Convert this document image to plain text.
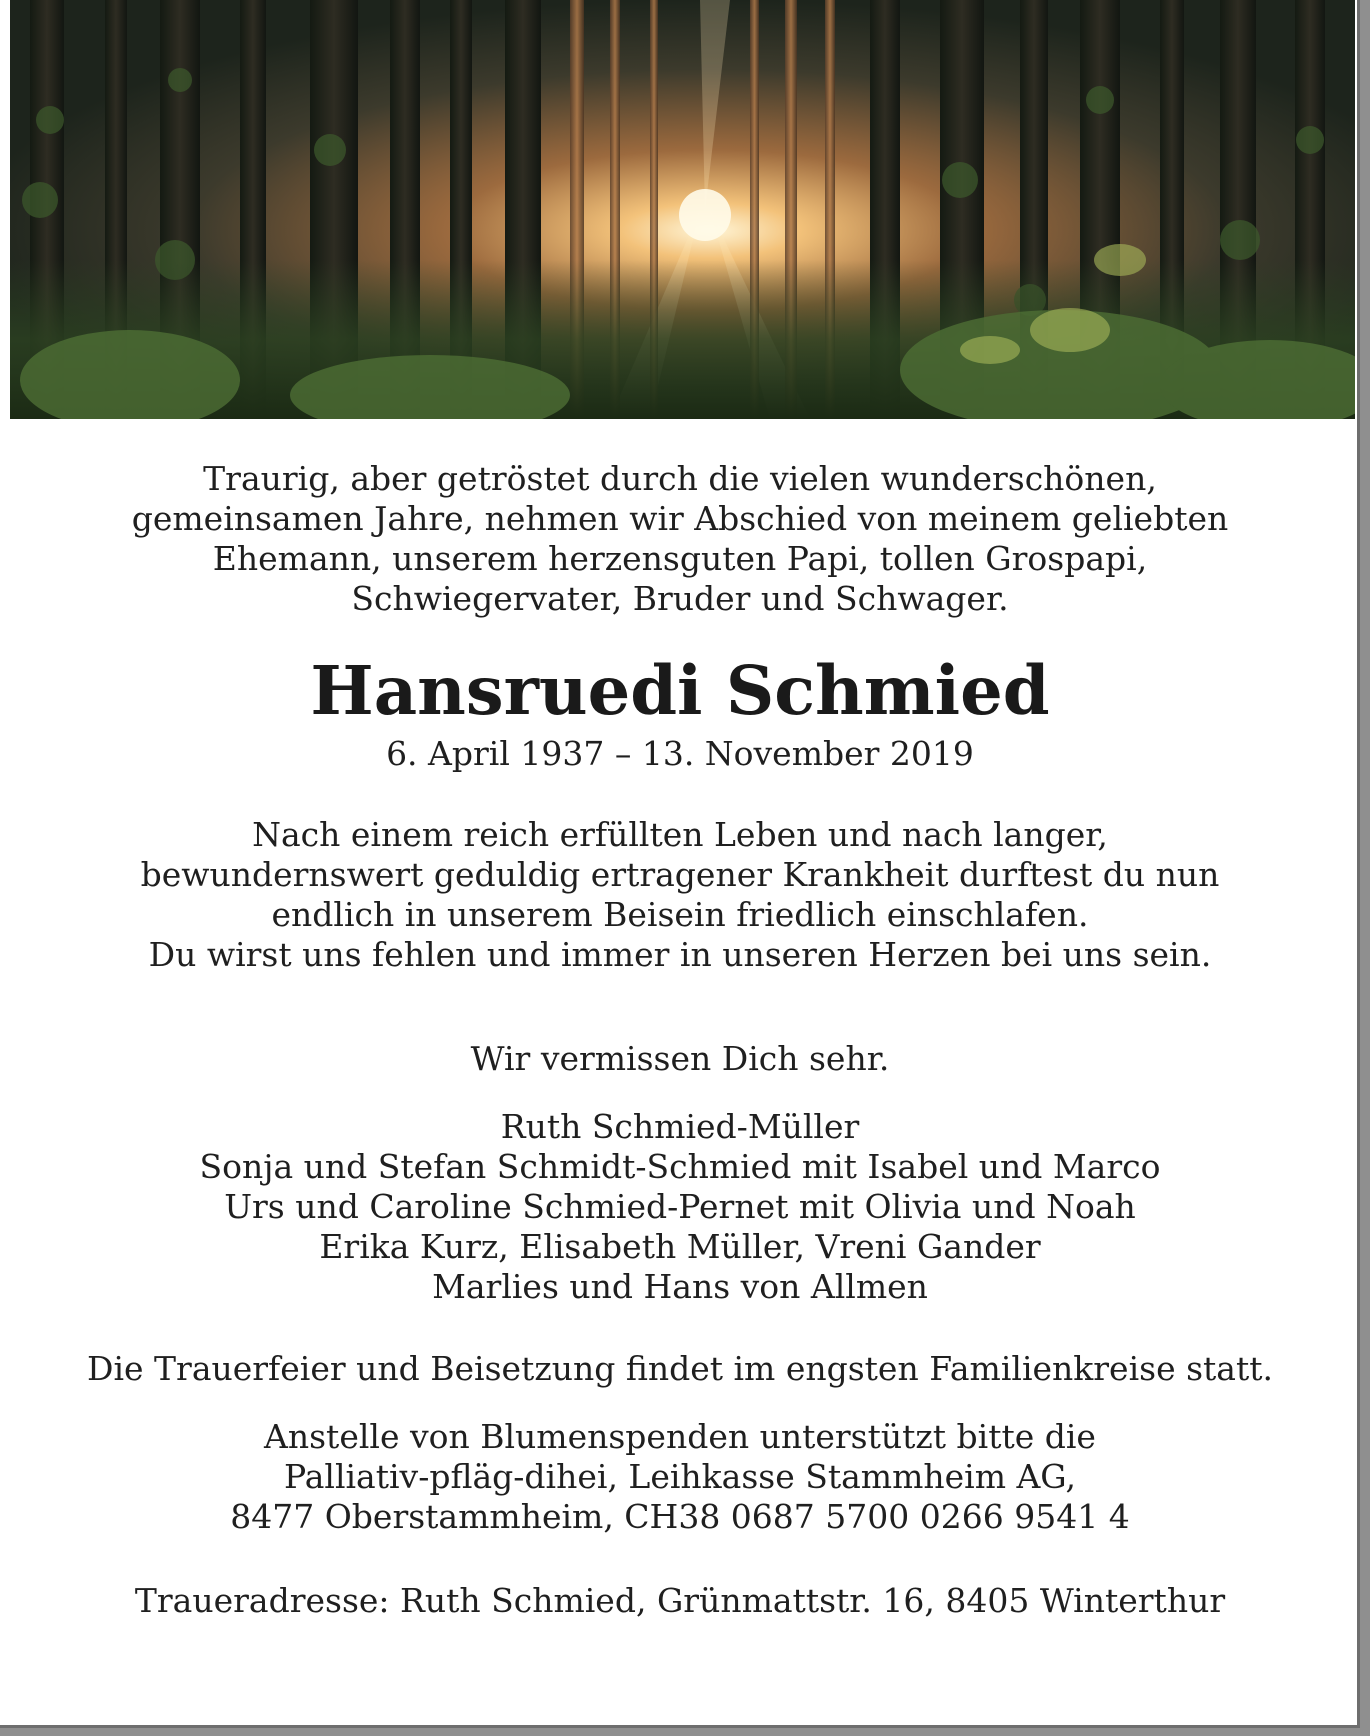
Traurig, aber getröstet durch die vielen wunderschönen,
gemeinsamen Jahre, nehmen wir Abschied von meinem geliebten
Ehemann, unserem herzensguten Papi, tollen Grospapi,
Schwiegervater, Bruder und Schwager.

Hansruedi Schmied

6. April 1937 – 13. November 2019

Nach einem reich erfüllten Leben und nach langer,
bewundernswert geduldig ertragener Krankheit durftest du nun
endlich in unserem Beisein friedlich einschlafen.
Du wirst uns fehlen und immer in unseren Herzen bei uns sein.

Wir vermissen Dich sehr.

Ruth Schmied-Müller
Sonja und Stefan Schmidt-Schmied mit Isabel und Marco
Urs und Caroline Schmied-Pernet mit Olivia und Noah
Erika Kurz, Elisabeth Müller, Vreni Gander
Marlies und Hans von Allmen

Die Trauerfeier und Beisetzung findet im engsten Familienkreise statt.

Anstelle von Blumenspenden unterstützt bitte die
Palliativ-pfläg-dihei, Leihkasse Stammheim AG,
8477 Oberstammheim, CH38 0687 5700 0266 9541 4

Traueradresse: Ruth Schmied, Grünmattstr. 16, 8405 Winterthur
